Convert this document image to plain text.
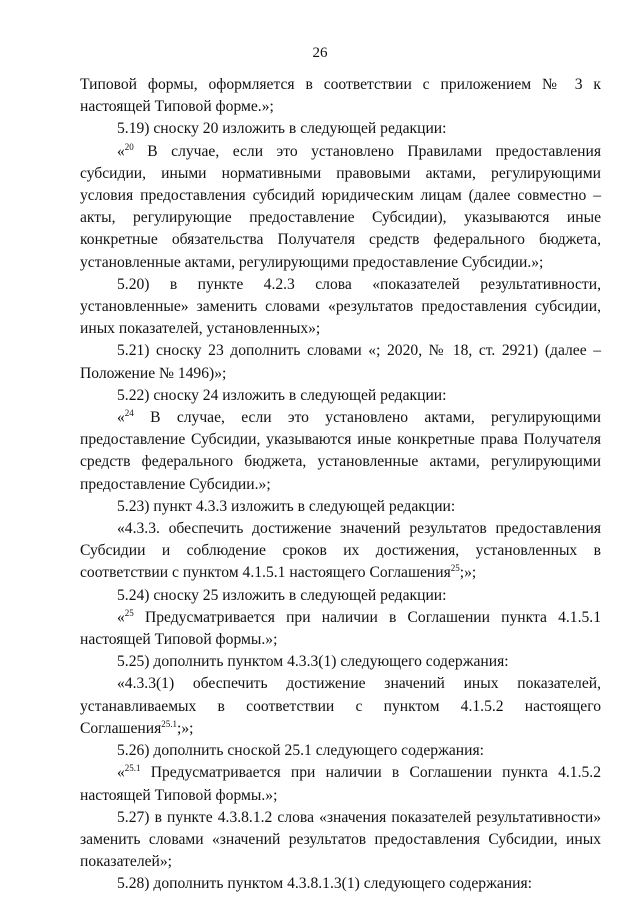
26

Типовой формы, оформляется в соответствии с приложением № 3 к настоящей Типовой форме.»;

5.19) сноску 20 изложить в следующей редакции:

«$^{20}$ В случае, если это установлено Правилами предоставления субсидии, иными нормативными правовыми актами, регулирующими условия предоставления субсидий юридическим лицам (далее совместно – акты, регулирующие предоставление Субсидии), указываются иные конкретные обязательства Получателя средств федерального бюджета, установленные актами, регулирующими предоставление Субсидии.»;

5.20) в пункте 4.2.3 слова «показателей результативности, установленные» заменить словами «результатов предоставления субсидии, иных показателей, установленных»;

5.21) сноску 23 дополнить словами «; 2020, № 18, ст. 2921) (далее – Положение № 1496)»;

5.22) сноску 24 изложить в следующей редакции:

«$^{24}$ В случае, если это установлено актами, регулирующими предоставление Субсидии, указываются иные конкретные права Получателя средств федерального бюджета, установленные актами, регулирующими предоставление Субсидии.»;

5.23) пункт 4.3.3 изложить в следующей редакции:

«4.3.3. обеспечить достижение значений результатов предоставления Субсидии и соблюдение сроков их достижения, установленных в соответствии с пунктом 4.1.5.1 настоящего Соглашения$^{25}$;»;

5.24) сноску 25 изложить в следующей редакции:

«$^{25}$ Предусматривается при наличии в Соглашении пункта 4.1.5.1 настоящей Типовой формы.»;

5.25) дополнить пунктом 4.3.3(1) следующего содержания:

«4.3.3(1) обеспечить достижение значений иных показателей, устанавливаемых в соответствии с пунктом 4.1.5.2 настоящего Соглашения$^{25.1}$;»;

5.26) дополнить сноской 25.1 следующего содержания:

«$^{25.1}$ Предусматривается при наличии в Соглашении пункта 4.1.5.2 настоящей Типовой формы.»;

5.27) в пункте 4.3.8.1.2 слова «значения показателей результативности» заменить словами «значений результатов предоставления Субсидии, иных показателей»;

5.28) дополнить пунктом 4.3.8.1.3(1) следующего содержания:
